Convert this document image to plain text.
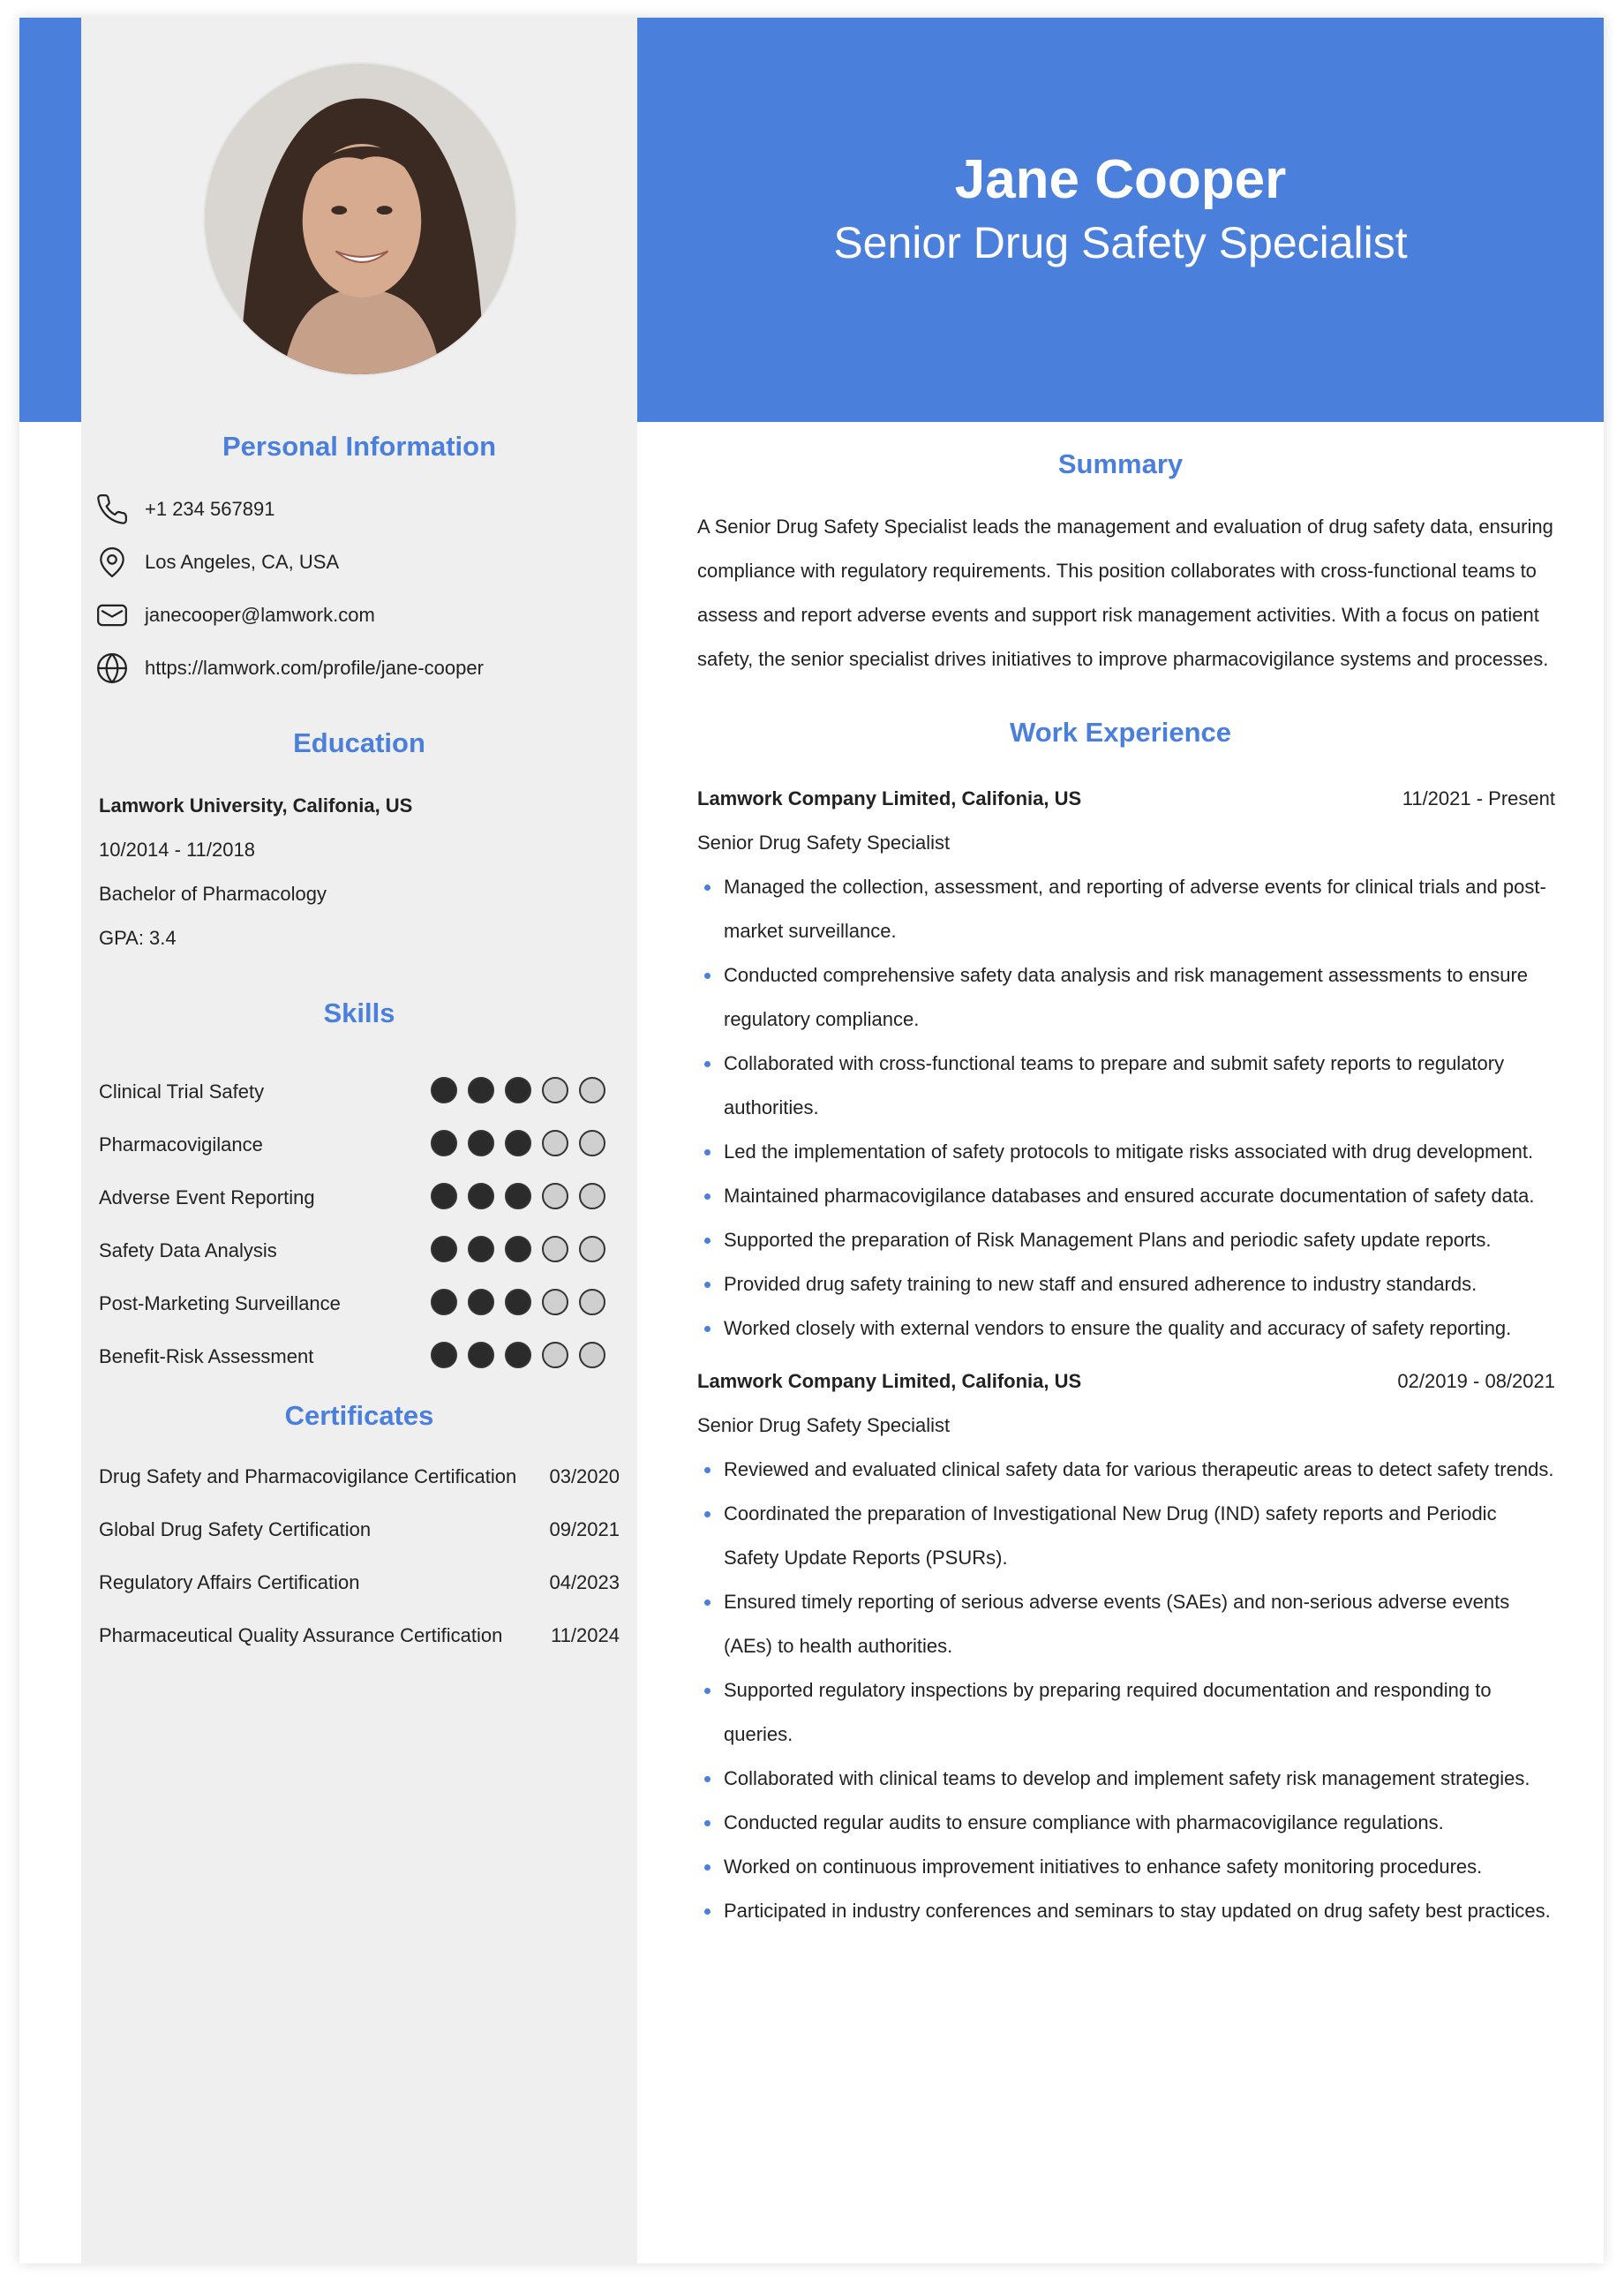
Jane Cooper
Senior Drug Safety Specialist
Personal Information
+1 234 567891
Los Angeles, CA, USA
janecooper@lamwork.com
https://lamwork.com/profile/jane-cooper
Education
Lamwork University, Califonia, US
10/2014 - 11/2018
Bachelor of Pharmacology
GPA: 3.4
Skills
Clinical Trial Safety
Pharmacovigilance
Adverse Event Reporting
Safety Data Analysis
Post-Marketing Surveillance
Benefit-Risk Assessment
Certificates
Drug Safety and Pharmacovigilance Certification 03/2020
Global Drug Safety Certification	09/2021
Regulatory Affairs Certification	04/2023
Pharmaceutical Quality Assurance Certification 11/2024
Summary
A Senior Drug Safety Specialist leads the management and evaluation of drug safety data, ensuring compliance with regulatory requirements. This position collaborates with cross-functional teams to assess and report adverse events and support risk management activities. With a focus on patient safety, the senior specialist drives initiatives to improve pharmacovigilance systems and processes.
Work Experience
Lamwork Company Limited, Califonia, US	11/2021 - Present
Senior Drug Safety Specialist
Managed the collection, assessment, and reporting of adverse events for clinical trials and post-market surveillance.
Conducted comprehensive safety data analysis and risk management assessments to ensure regulatory compliance.
Collaborated with cross-functional teams to prepare and submit safety reports to regulatory authorities.
Led the implementation of safety protocols to mitigate risks associated with drug development.
Maintained pharmacovigilance databases and ensured accurate documentation of safety data.
Supported the preparation of Risk Management Plans and periodic safety update reports.
Provided drug safety training to new staff and ensured adherence to industry standards.
Worked closely with external vendors to ensure the quality and accuracy of safety reporting.
Lamwork Company Limited, Califonia, US	02/2019 - 08/2021
Senior Drug Safety Specialist
Reviewed and evaluated clinical safety data for various therapeutic areas to detect safety trends.
Coordinated the preparation of Investigational New Drug (IND) safety reports and Periodic Safety Update Reports (PSURs).
Ensured timely reporting of serious adverse events (SAEs) and non-serious adverse events (AEs) to health authorities.
Supported regulatory inspections by preparing required documentation and responding to queries.
Collaborated with clinical teams to develop and implement safety risk management strategies.
Conducted regular audits to ensure compliance with pharmacovigilance regulations.
Worked on continuous improvement initiatives to enhance safety monitoring procedures.
Participated in industry conferences and seminars to stay updated on drug safety best practices.
